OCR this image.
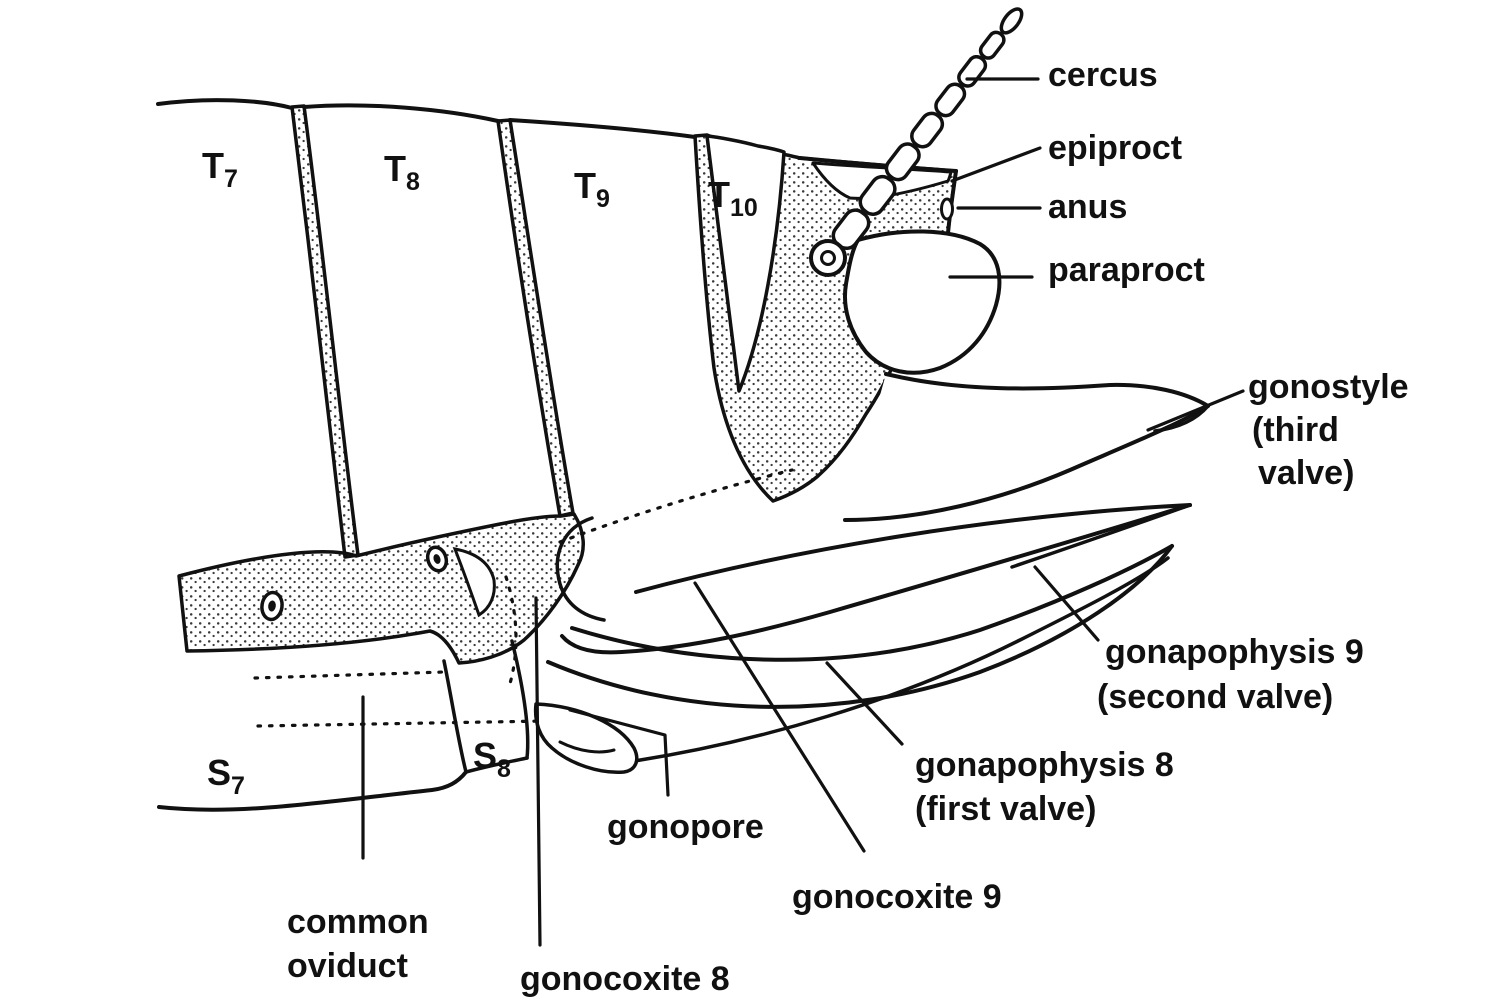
$T_7$	$T_8$	$T_9$	$T_{10}$
$S_7$
$S_8$
cercus
epiproct
anus
paraproct
gonostyle
(third
valve)
gonapophysis 9
(second valve)
gonapophysis 8
(first valve)
gonocoxite 9
gonopore
common
oviduct	gonocoxite 8
